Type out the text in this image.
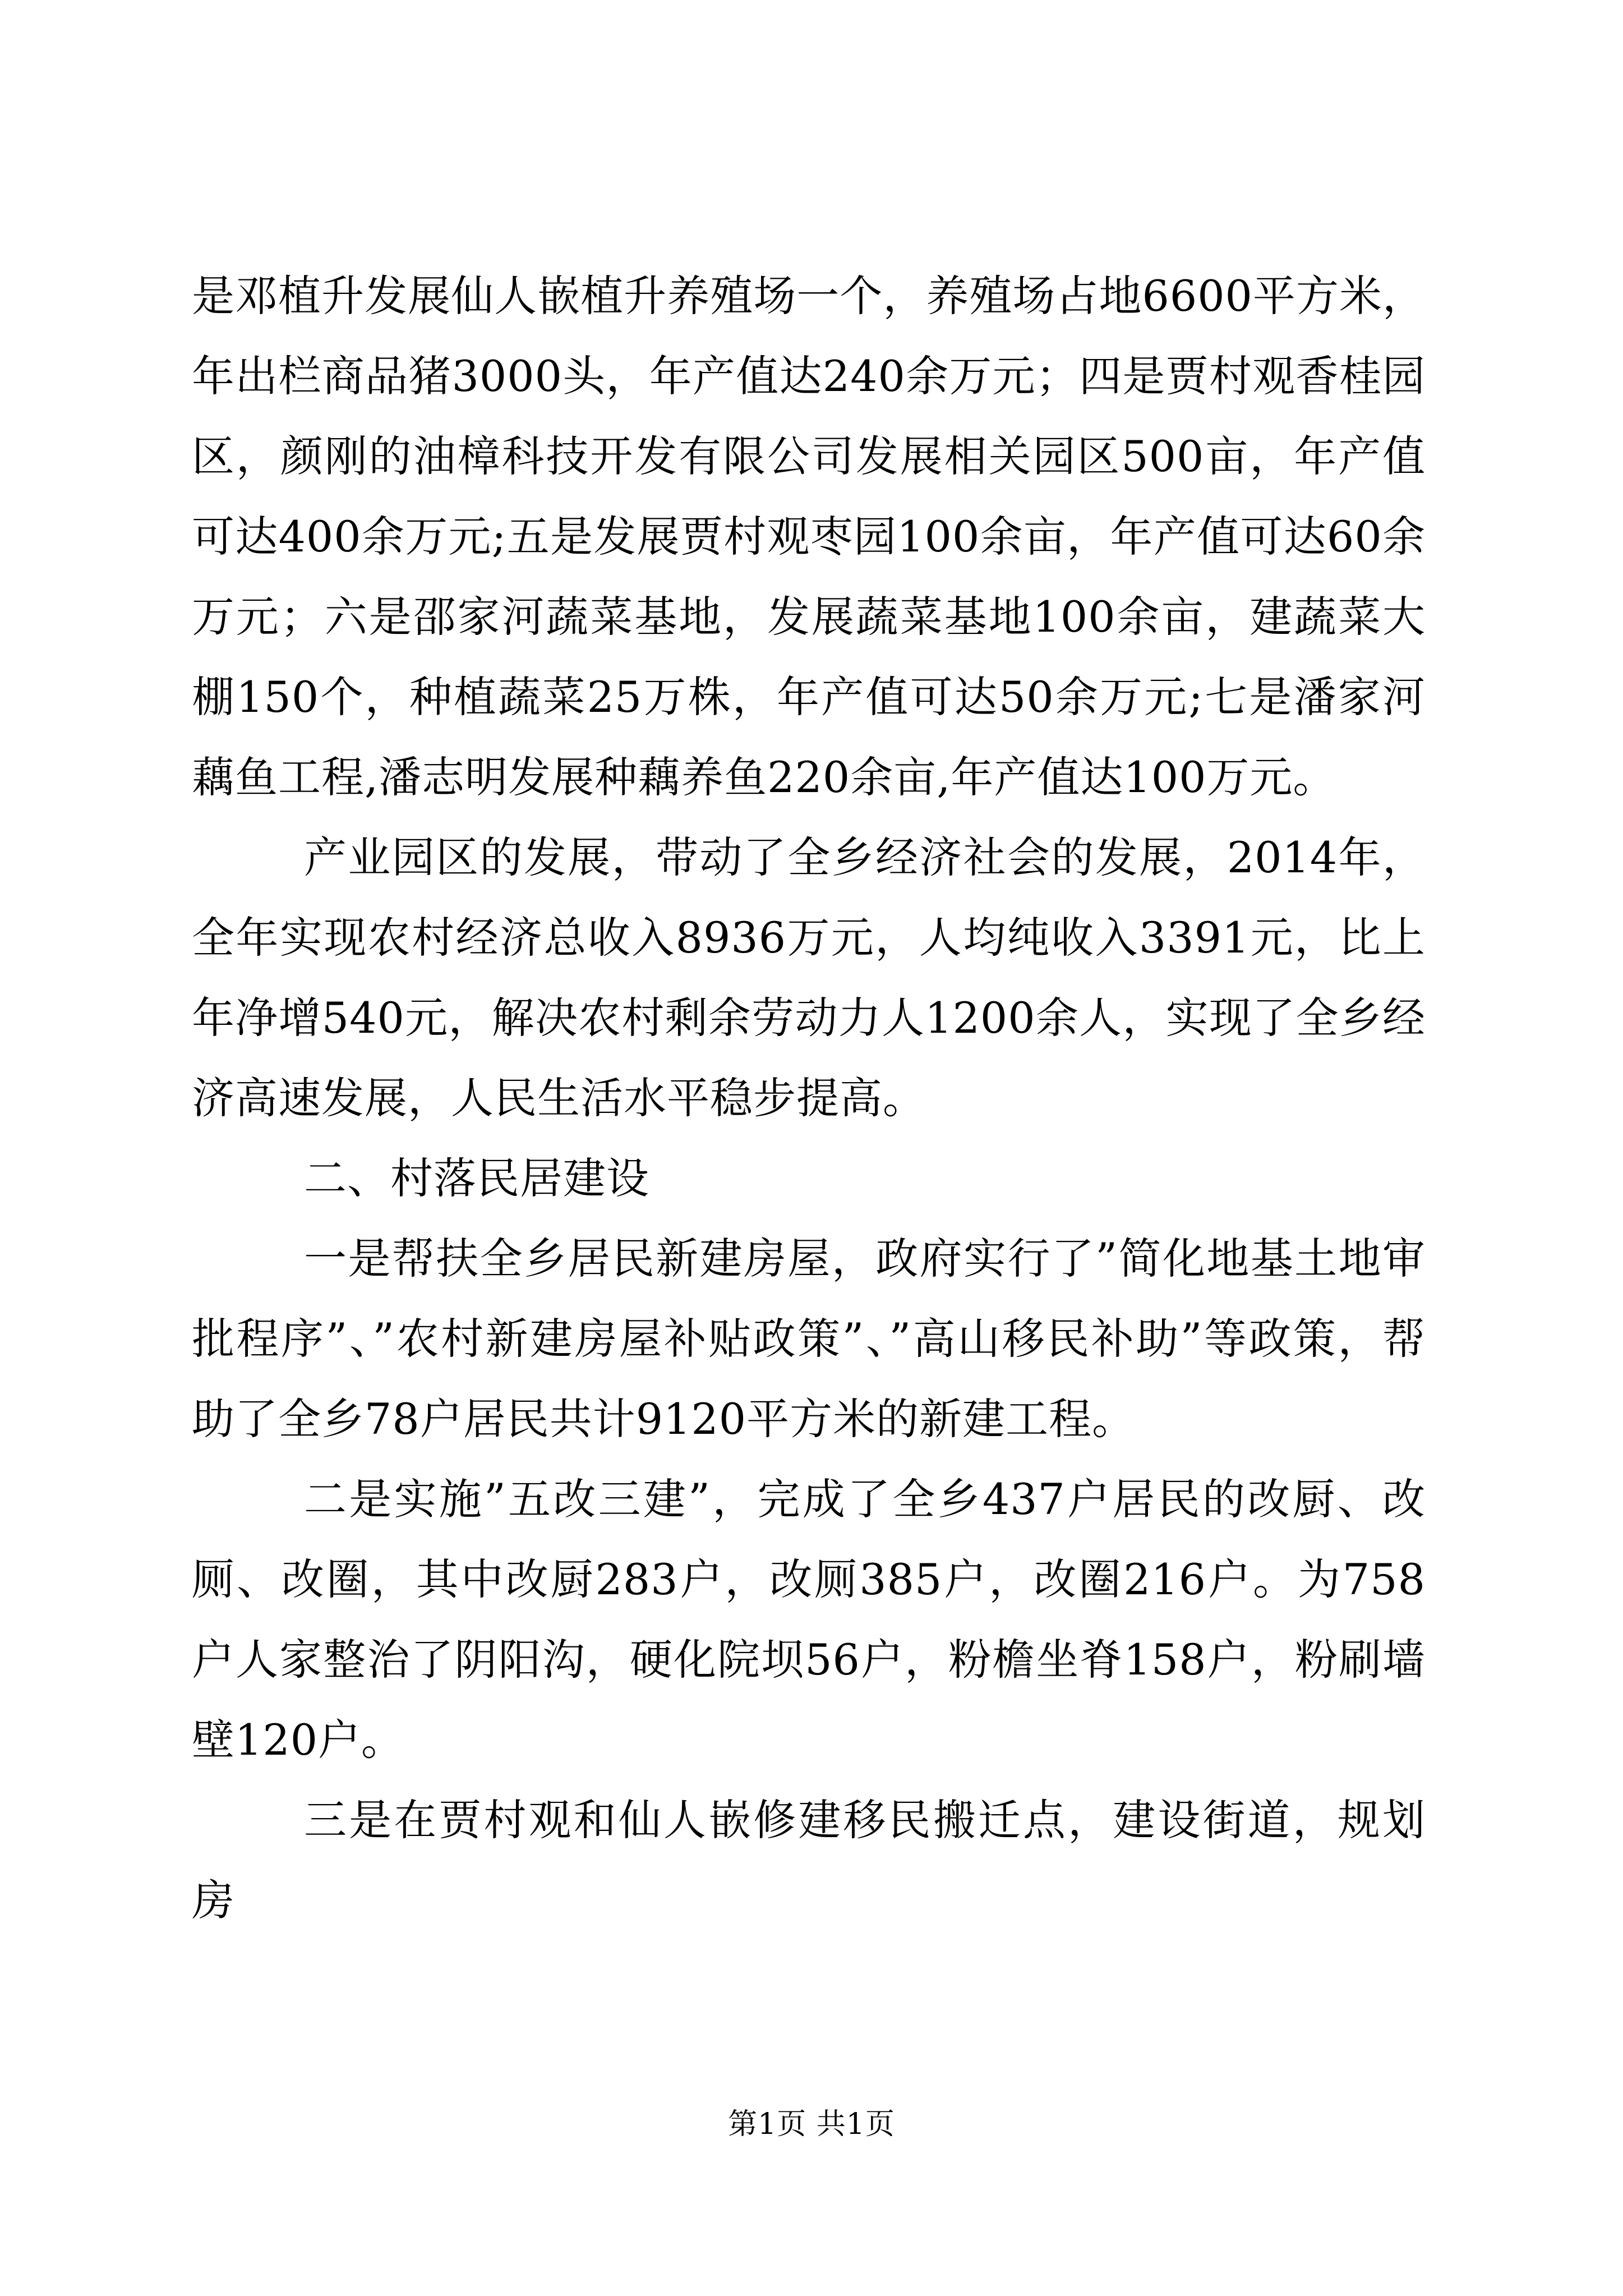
是邓植升发展仙人嵌植升养殖场一个，养殖场占地6600平方米，年出栏商品猪3000头，年产值达240余万元；四是贾村观香桂园区，颜刚的油樟科技开发有限公司发展相关园区500亩，年产值可达400余万元;五是发展贾村观枣园100余亩，年产值可达60余万元；六是邵家河蔬菜基地，发展蔬菜基地100余亩，建蔬菜大棚150个，种植蔬菜25万株，年产值可达50余万元;七是潘家河藕鱼工程,潘志明发展种藕养鱼220余亩,年产值达100万元。

产业园区的发展，带动了全乡经济社会的发展，2014年，全年实现农村经济总收入8936万元，人均纯收入3391元，比上年净增540元，解决农村剩余劳动力人1200余人，实现了全乡经济高速发展，人民生活水平稳步提高。

二、村落民居建设

一是帮扶全乡居民新建房屋，政府实行了”简化地基土地审批程序”、”农村新建房屋补贴政策”、”高山移民补助”等政策，帮助了全乡78户居民共计9120平方米的新建工程。

二是实施”五改三建”，完成了全乡437户居民的改厨、改厕、改圈，其中改厨283户，改厕385户，改圈216户。为758户人家整治了阴阳沟，硬化院坝56户，粉檐坐脊158户，粉刷墙壁120户。

三是在贾村观和仙人嵌修建移民搬迁点，建设街道，规划房

第1页 共1页
